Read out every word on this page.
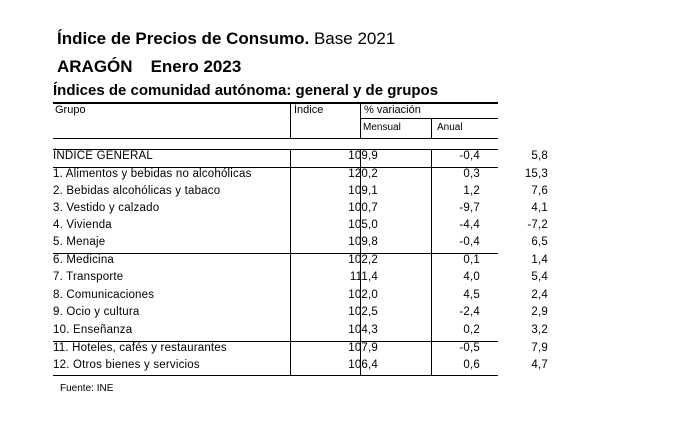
Índice de Precios de Consumo. Base 2021
ARAGÓN Enero 2023
Índices de comunidad autónoma: general y de grupos
Grupo	Índice	% variación
Mensual	Anual
ÍNDICE GENERAL	109,9	-0,4	5,8
1. Alimentos y bebidas no alcohólicas	120,2	0,3	15,3
2. Bebidas alcohólicas y tabaco	109,1	1,2	7,6
3. Vestido y calzado	100,7	-9,7	4,1
4. Vivienda	105,0	-4,4	-7,2
5. Menaje	109,8	-0,4	6,5
6. Medicina	102,2	0,1	1,4
7. Transporte	111,4	4,0	5,4
8. Comunicaciones	102,0	4,5	2,4
9. Ocio y cultura	102,5	-2,4	2,9
10. Enseñanza	104,3	0,2	3,2
11. Hoteles, cafés y restaurantes	107,9	-0,5	7,9
12. Otros bienes y servicios	106,4	0,6	4,7
Fuente: INE
